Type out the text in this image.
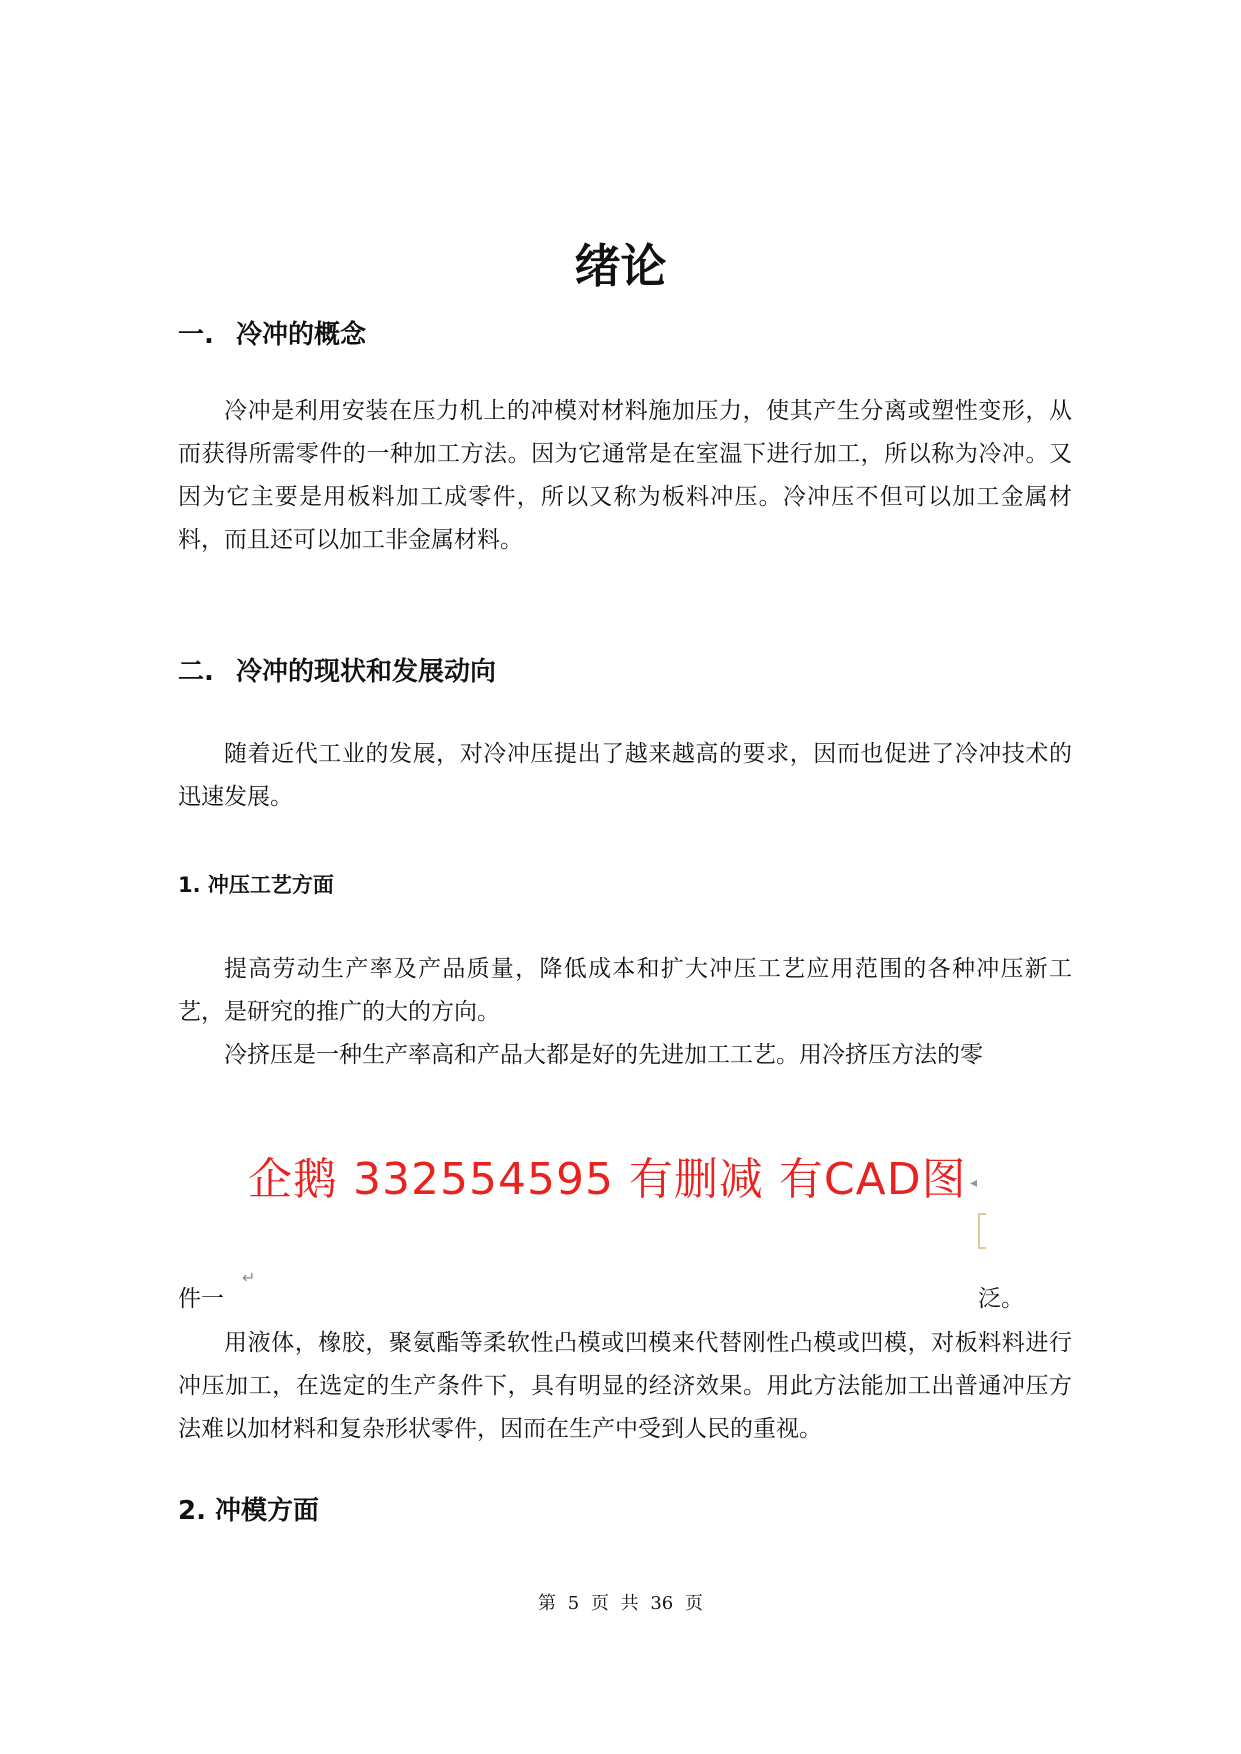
绪论
一. 冷冲的概念

冷冲是利用安装在压力机上的冲模对材料施加压力，使其产生分离或塑性变形，从而获得所需零件的一种加工方法。因为它通常是在室温下进行加工，所以称为冷冲。又因为它主要是用板料加工成零件，所以又称为板料冲压。冷冲压不但可以加工金属材料，而且还可以加工非金属材料。

二. 冷冲的现状和发展动向

随着近代工业的发展，对冷冲压提出了越来越高的要求，因而也促进了冷冲技术的迅速发展。

1. 冲压工艺方面

提高劳动生产率及产品质量，降低成本和扩大冲压工艺应用范围的各种冲压新工艺，是研究的推广的大的方向。

冷挤压是一种生产率高和产品大都是好的先进加工工艺。用冷挤压方法的零
企鹅 332554595 有删减 有CAD图 ◂
件一
↵
泛。

用液体，橡胶，聚氨酯等柔软性凸模或凹模来代替刚性凸模或凹模，对板料料进行冲压加工，在选定的生产条件下，具有明显的经济效果。用此方法能加工出普通冲压方法难以加材料和复杂形状零件，因而在生产中受到人民的重视。

2. 冲模方面
第 5 页 共 36 页
